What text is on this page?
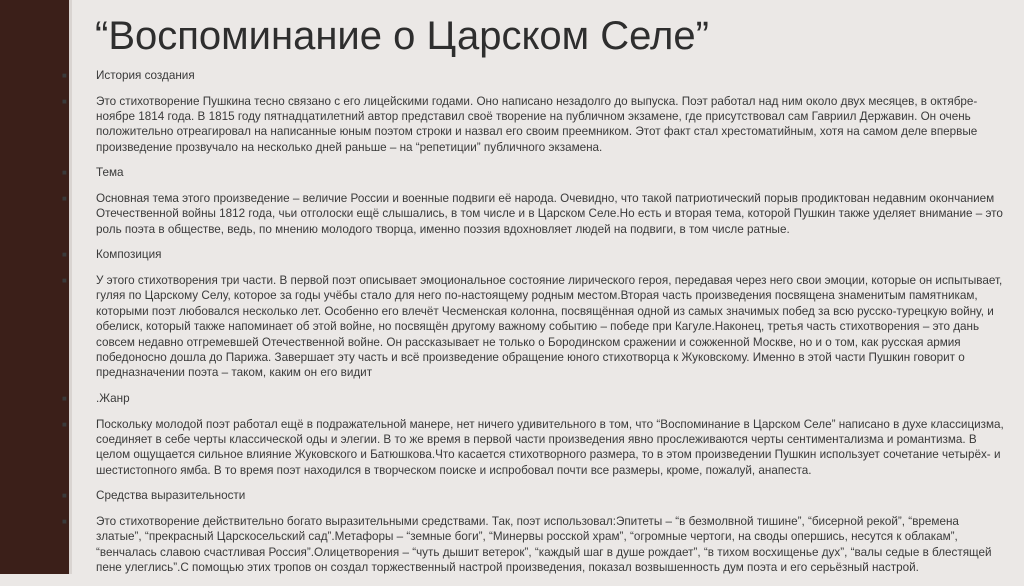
“Воспоминание о Царском Селе”
■ История создания
■ Это стихотворение Пушкина тесно связано с его лицейскими годами. Оно написано незадолго до выпуска. Поэт работал над ним около двух месяцев, в октябре-ноябре 1814 года. В 1815 году пятнадцатилетний автор представил своё творение на публичном экзамене, где присутствовал сам Гавриил Державин. Он очень положительно отреагировал на написанные юным поэтом строки и назвал его своим преемником. Этот факт стал хрестоматийным, хотя на самом деле впервые произведение прозвучало на несколько дней раньше – на “репетиции” публичного экзамена.
■ Тема
■ Основная тема этого произведение – величие России и военные подвиги её народа. Очевидно, что такой патриотический порыв продиктован недавним окончанием Отечественной войны 1812 года, чьи отголоски ещё слышались, в том числе и в Царском Селе.Но есть и вторая тема, которой Пушкин также уделяет внимание – это роль поэта в обществе, ведь, по мнению молодого творца, именно поэзия вдохновляет людей на подвиги, в том числе ратные.
■ Композиция
■ У этого стихотворения три части. В первой поэт описывает эмоциональное состояние лирического героя, передавая через него свои эмоции, которые он испытывает, гуляя по Царскому Селу, которое за годы учёбы стало для него по-настоящему родным местом.Вторая часть произведения посвящена знаменитым памятникам, которыми поэт любовался несколько лет. Особенно его влечёт Чесменская колонна, посвящённая одной из самых значимых побед за всю русско-турецкую войну, и обелиск, который также напоминает об этой войне, но посвящён другому важному событию – победе при Кагуле.Наконец, третья часть стихотворения – это дань совсем недавно отгремевшей Отечественной войне. Он рассказывает не только о Бородинском сражении и сожженной Москве, но и о том, как русская армия победоносно дошла до Парижа. Завершает эту часть и всё произведение обращение юного стихотворца к Жуковскому. Именно в этой части Пушкин говорит о предназначении поэта – таком, каким он его видит
■ .Жанр
■ Поскольку молодой поэт работал ещё в подражательной манере, нет ничего удивительного в том, что “Воспоминание в Царском Селе” написано в духе классицизма, соединяет в себе черты классической оды и элегии. В то же время в первой части произведения явно прослеживаются черты сентиментализма и романтизма. В целом ощущается сильное влияние Жуковского и Батюшкова.Что касается стихотворного размера, то в этом произведении Пушкин использует сочетание четырёх- и шестистопного ямба. В то время поэт находился в творческом поиске и испробовал почти все размеры, кроме, пожалуй, анапеста.
■ Средства выразительности
■ Это стихотворение действительно богато выразительными средствами. Так, поэт использовал:Эпитеты – “в безмолвной тишине”, “бисерной рекой”, “времена златые”, “прекрасный Царскосельский сад”.Метафоры – “земные боги”, “Минервы росской храм”, “огромные чертоги, на своды опершись, несутся к облакам”, “венчалась славою счастливая Россия”.Олицетворения – “чуть дышит ветерок”, “каждый шаг в душе рождает”, “в тихом восхищенье дух”, “валы седые в блестящей пене улеглись”.С помощью этих тропов он создал торжественный настрой произведения, показал возвышенность дум поэта и его серьёзный настрой.
